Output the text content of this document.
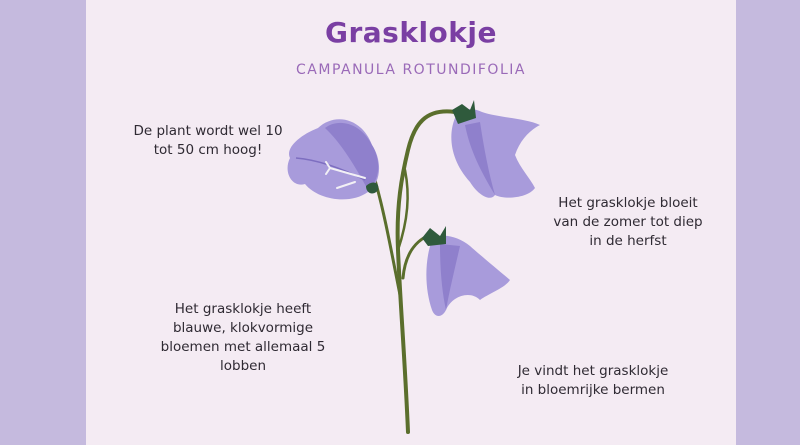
Grasklokje
CAMPANULA ROTUNDIFOLIA
De plant wordt wel 10
tot 50 cm hoog!
Het grasklokje bloeit
van de zomer tot diep
in de herfst
Het grasklokje heeft
blauwe, klokvormige
bloemen met allemaal 5
lobben	Je vindt het grasklokje
in bloemrijke bermen
